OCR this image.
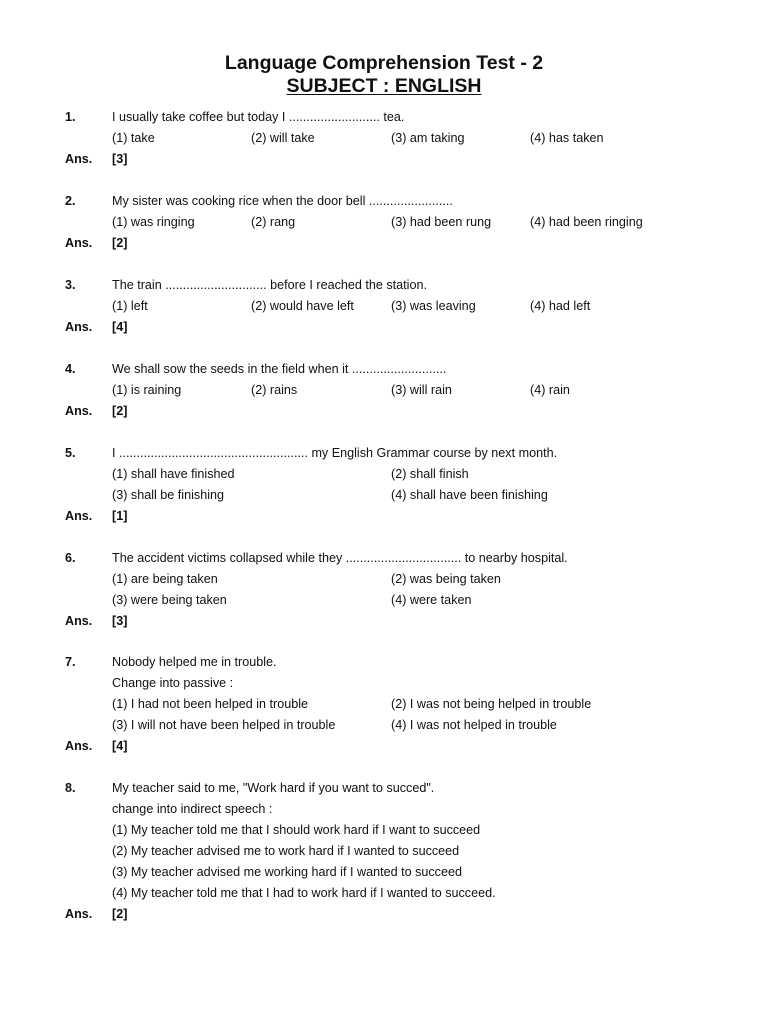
Language Comprehension Test - 2
SUBJECT : ENGLISH
1.	I usually take coffee but today I .......................... tea.
(1) take	(2) will take	(3) am taking	(4) has taken
Ans. [3]
2.	My sister was cooking rice when the door bell ........................
(1) was ringing	(2) rang	(3) had been rung	(4) had been ringing
Ans. [2]
3.	The train ............................. before I reached the station.
(1) left	(2) would have left	(3) was leaving	(4) had left
Ans. [4]
4.	We shall sow the seeds in the field when it ...........................
(1) is raining	(2) rains	(3) will rain	(4) rain
Ans. [2]
5.	I ...................................................... my English Grammar course by next month.
(1) shall have finished	(2) shall finish
(3) shall be finishing	(4) shall have been finishing
Ans. [1]
6.	The accident victims collapsed while they ................................. to nearby hospital.
(1) are being taken	(2) was being taken
(3) were being taken	(4) were taken
Ans. [3]
7.	Nobody helped me in trouble.
Change into passive :
(1) I had not been helped in trouble	(2) I was not being helped in trouble
(3) I will not have been helped in trouble	(4) I was not helped in trouble
Ans. [4]
8.	My teacher said to me, "Work hard if you want to succed".
change into indirect speech :
(1) My teacher told me that I should work hard if I want to succeed
(2) My teacher advised me to work hard if I wanted to succeed
(3) My teacher advised me working hard if I wanted to succeed
(4) My teacher told me that I had to work hard if I wanted to succeed.
Ans. [2]
